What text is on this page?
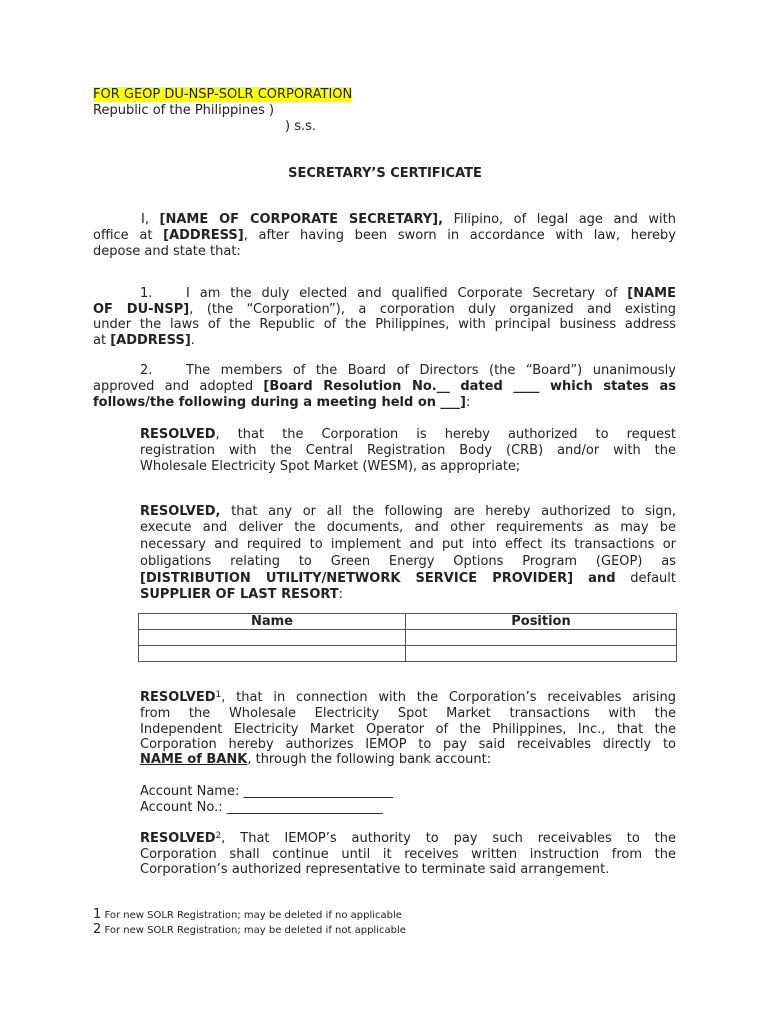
FOR GEOP DU-NSP-SOLR CORPORATION
Republic of the Philippines )
) s.s.
SECRETARY’S CERTIFICATE
I, [NAME OF CORPORATE SECRETARY], Filipino, of legal age and with
office at [ADDRESS], after having been sworn in accordance with law, hereby
depose and state that:
1.	I am the duly elected and qualified Corporate Secretary of [NAME
OF DU-NSP], (the “Corporation”), a corporation duly organized and existing
under the laws of the Republic of the Philippines, with principal business address
at [ADDRESS].
2.	The members of the Board of Directors (the “Board”) unanimously
approved and adopted [Board Resolution No.__ dated ____ which states as
follows/the following during a meeting held on ___]:
RESOLVED, that the Corporation is hereby authorized to request
registration with the Central Registration Body (CRB) and/or with the
Wholesale Electricity Spot Market (WESM), as appropriate;
RESOLVED, that any or all the following are hereby authorized to sign,
execute and deliver the documents, and other requirements as may be
necessary and required to implement and put into effect its transactions or
obligations relating to Green Energy Options Program (GEOP) as
[DISTRIBUTION UTILITY/NETWORK SERVICE PROVIDER] and default
SUPPLIER OF LAST RESORT:
Name	Position

RESOLVED$^1$, that in connection with the Corporation’s receivables arising
from the Wholesale Electricity Spot Market transactions with the
Independent Electricity Market Operator of the Philippines, Inc., that the
Corporation hereby authorizes IEMOP to pay said receivables directly to
NAME of BANK, through the following bank account:
Account Name: _______________________
Account No.: ________________________
RESOLVED$^2$, That IEMOP’s authority to pay such receivables to the
Corporation shall continue until it receives written instruction from the
Corporation’s authorized representative to terminate said arrangement.
1 For new SOLR Registration; may be deleted if no applicable
2 For new SOLR Registration; may be deleted if not applicable
